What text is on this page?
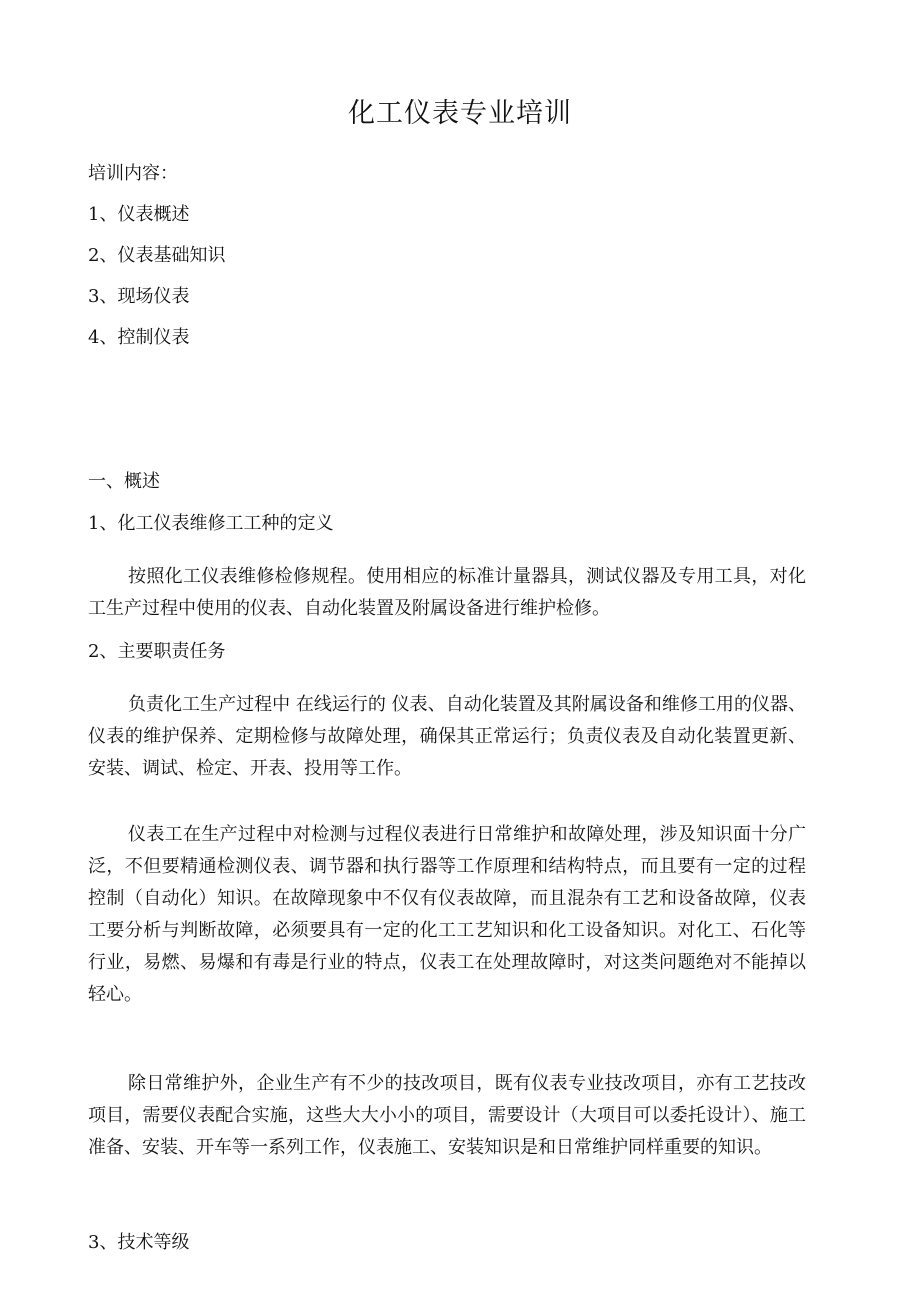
化工仪表专业培训
培训内容：
1、仪表概述
2、仪表基础知识
3、现场仪表
4、控制仪表
一、概述
1、化工仪表维修工工种的定义
按照化工仪表维修检修规程。使用相应的标准计量器具，测试仪器及专用工具，对化工生产过程中使用的仪表、自动化装置及附属设备进行维护检修。
2、主要职责任务
负责化工生产过程中 在线运行的 仪表、自动化装置及其附属设备和维修工用的仪器、仪表的维护保养、定期检修与故障处理，确保其正常运行；负责仪表及自动化装置更新、安装、调试、检定、开表、投用等工作。
仪表工在生产过程中对检测与过程仪表进行日常维护和故障处理，涉及知识面十分广泛，不但要精通检测仪表、调节器和执行器等工作原理和结构特点，而且要有一定的过程控制（自动化）知识。在故障现象中不仅有仪表故障，而且混杂有工艺和设备故障，仪表工要分析与判断故障，必须要具有一定的化工工艺知识和化工设备知识。对化工、石化等行业，易燃、易爆和有毒是行业的特点，仪表工在处理故障时，对这类问题绝对不能掉以轻心。
除日常维护外，企业生产有不少的技改项目，既有仪表专业技改项目，亦有工艺技改项目，需要仪表配合实施，这些大大小小的项目，需要设计（大项目可以委托设计）、施工准备、安装、开车等一系列工作，仪表施工、安装知识是和日常维护同样重要的知识。
3、技术等级
